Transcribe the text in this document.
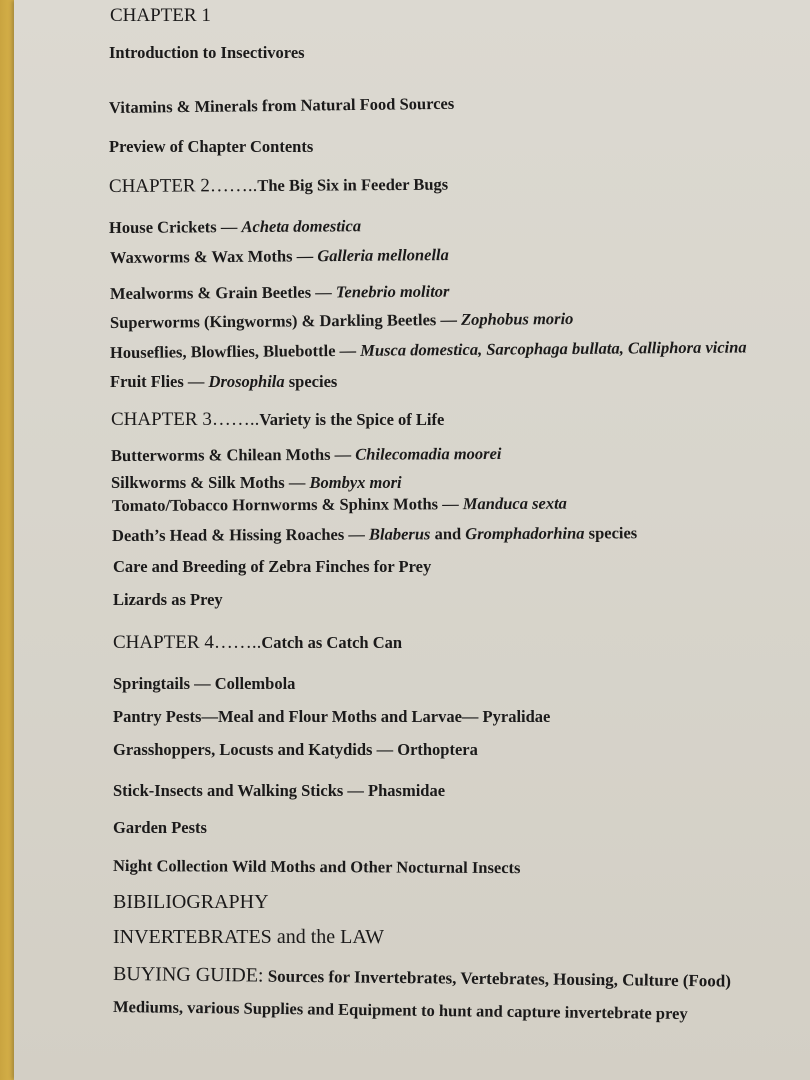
CHAPTER 1
Introduction to Insectivores
Vitamins & Minerals from Natural Food Sources
Preview of Chapter Contents
CHAPTER 2……..The Big Six in Feeder Bugs
House Crickets — Acheta domestica
Waxworms & Wax Moths — Galleria mellonella
Mealworms & Grain Beetles — Tenebrio molitor
Superworms (Kingworms) & Darkling Beetles — Zophobus morio
Houseflies, Blowflies, Bluebottle — Musca domestica, Sarcophaga bullata, Calliphora vicina
Fruit Flies — Drosophila species
CHAPTER 3……..Variety is the Spice of Life
Butterworms & Chilean Moths — Chilecomadia moorei
Silkworms & Silk Moths — Bombyx mori
Tomato/Tobacco Hornworms & Sphinx Moths — Manduca sexta
Death’s Head & Hissing Roaches — Blaberus and Gromphadorhina species
Care and Breeding of Zebra Finches for Prey
Lizards as Prey
CHAPTER 4……..Catch as Catch Can
Springtails — Collembola
Pantry Pests—Meal and Flour Moths and Larvae— Pyralidae
Grasshoppers, Locusts and Katydids — Orthoptera
Stick-Insects and Walking Sticks — Phasmidae
Garden Pests
Night Collection Wild Moths and Other Nocturnal Insects
BIBILIOGRAPHY
INVERTEBRATES and the LAW
BUYING GUIDE: Sources for Invertebrates, Vertebrates, Housing, Culture (Food)
Mediums, various Supplies and Equipment to hunt and capture invertebrate prey
